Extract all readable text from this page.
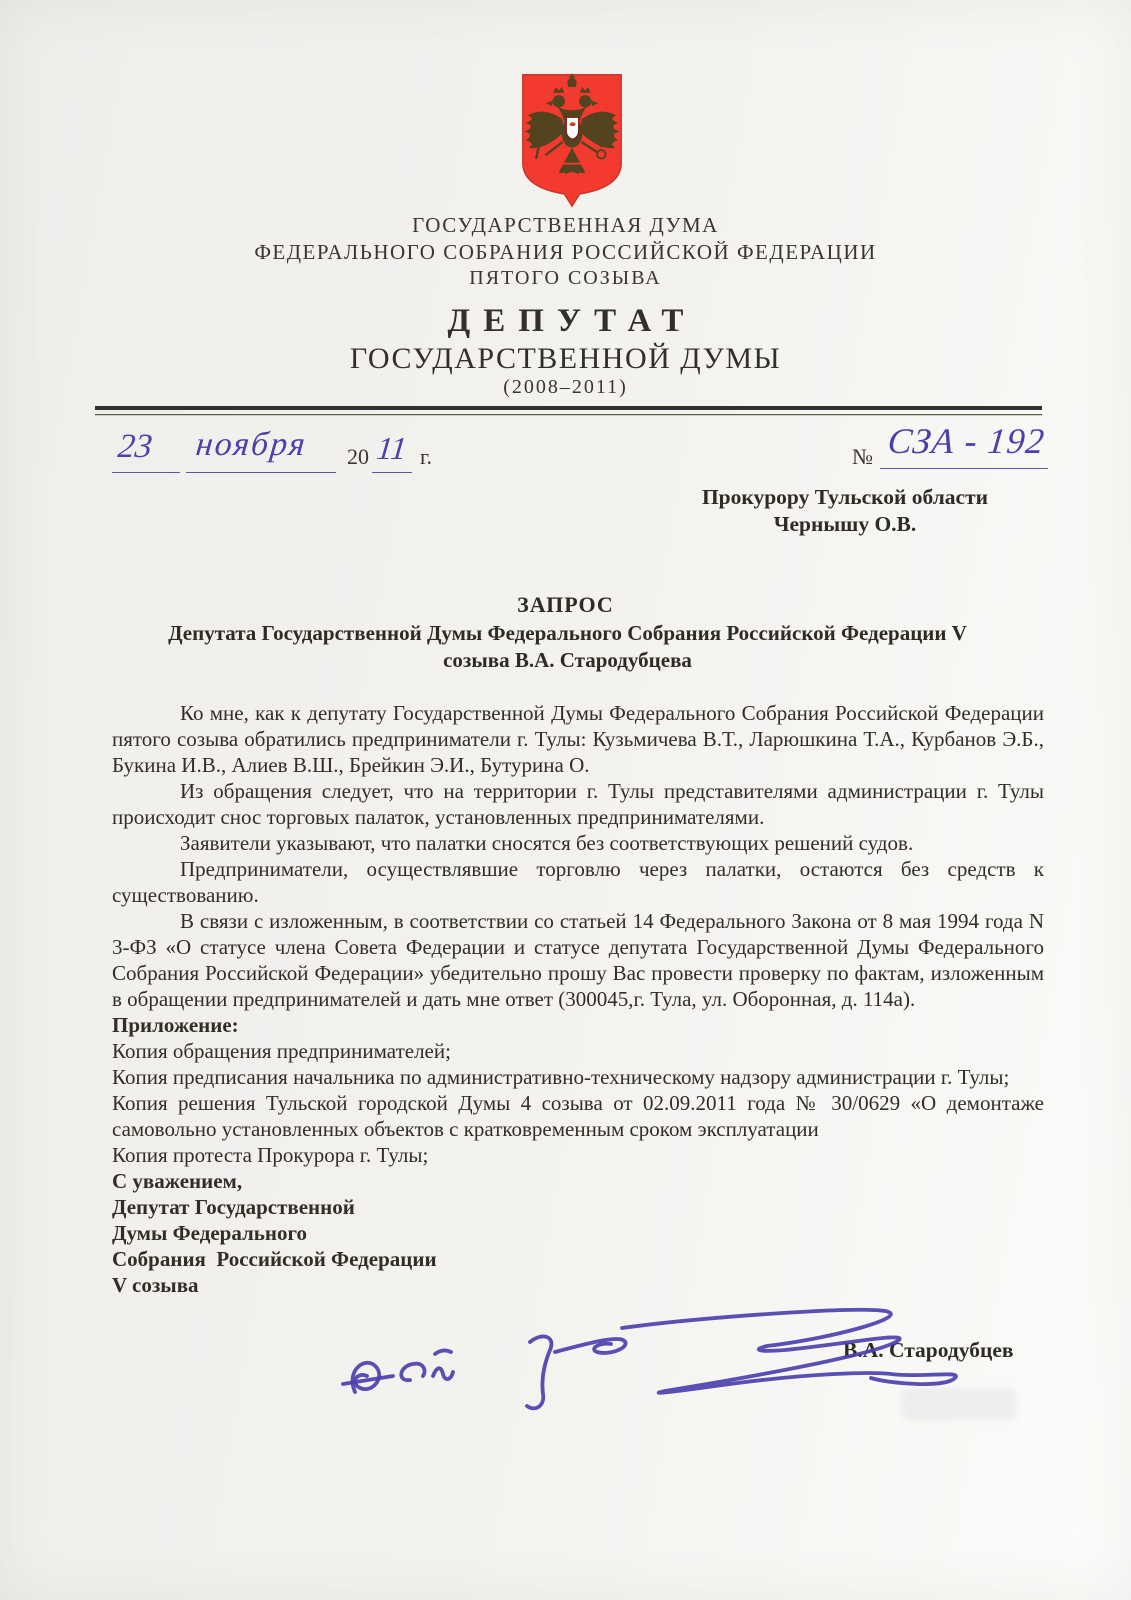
ГОСУДАРСТВЕННАЯ ДУМА
ФЕДЕРАЛЬНОГО СОБРАНИЯ РОССИЙСКОЙ ФЕДЕРАЦИИ
ПЯТОГО СОЗЫВА
ДЕПУТАТ
ГОСУДАРСТВЕННОЙ ДУМЫ
(2008–2011)
23 ноября 20 11 г.	№ СЗА - 192
Прокурору Тульской области
Чернышу О.В.
ЗАПРОС
Депутата Государственной Думы Федерального Собрания Российской Федерации V
созыва В.А. Стародубцева

Ко мне, как к депутату Государственной Думы Федерального Собрания Российской Федерации пятого созыва обратились предприниматели г. Тулы: Кузьмичева В.Т., Ларюшкина Т.А., Курбанов Э.Б., Букина И.В., Алиев В.Ш., Брейкин Э.И., Бутурина О.

Из обращения следует, что на территории г. Тулы представителями администрации г. Тулы происходит снос торговых палаток, установленных предпринимателями.

Заявители указывают, что палатки сносятся без соответствующих решений судов.

Предприниматели, осуществлявшие торговлю через палатки, остаются без средств к существованию.

В связи с изложенным, в соответствии со статьей 14 Федерального Закона от 8 мая 1994 года N 3-ФЗ «О статусе члена Совета Федерации и статусе депутата Государственной Думы Федерального Собрания Российской Федерации» убедительно прошу Вас провести проверку по фактам, изложенным в обращении предпринимателей и дать мне ответ (300045,г. Тула, ул. Оборонная, д. 114а).

Приложение:

Копия обращения предпринимателей;

Копия предписания начальника по административно-техническому надзору администрации г. Тулы;

Копия решения Тульской городской Думы 4 созыва от 02.09.2011 года № 30/0629 «О демонтаже самовольно установленных объектов с кратковременным сроком эксплуатации

Копия протеста Прокурора г. Тулы;

С уважением,

Депутат Государственной

Думы Федерального

Собрания  Российской Федерации

V созыва

В.А. Стародубцев
